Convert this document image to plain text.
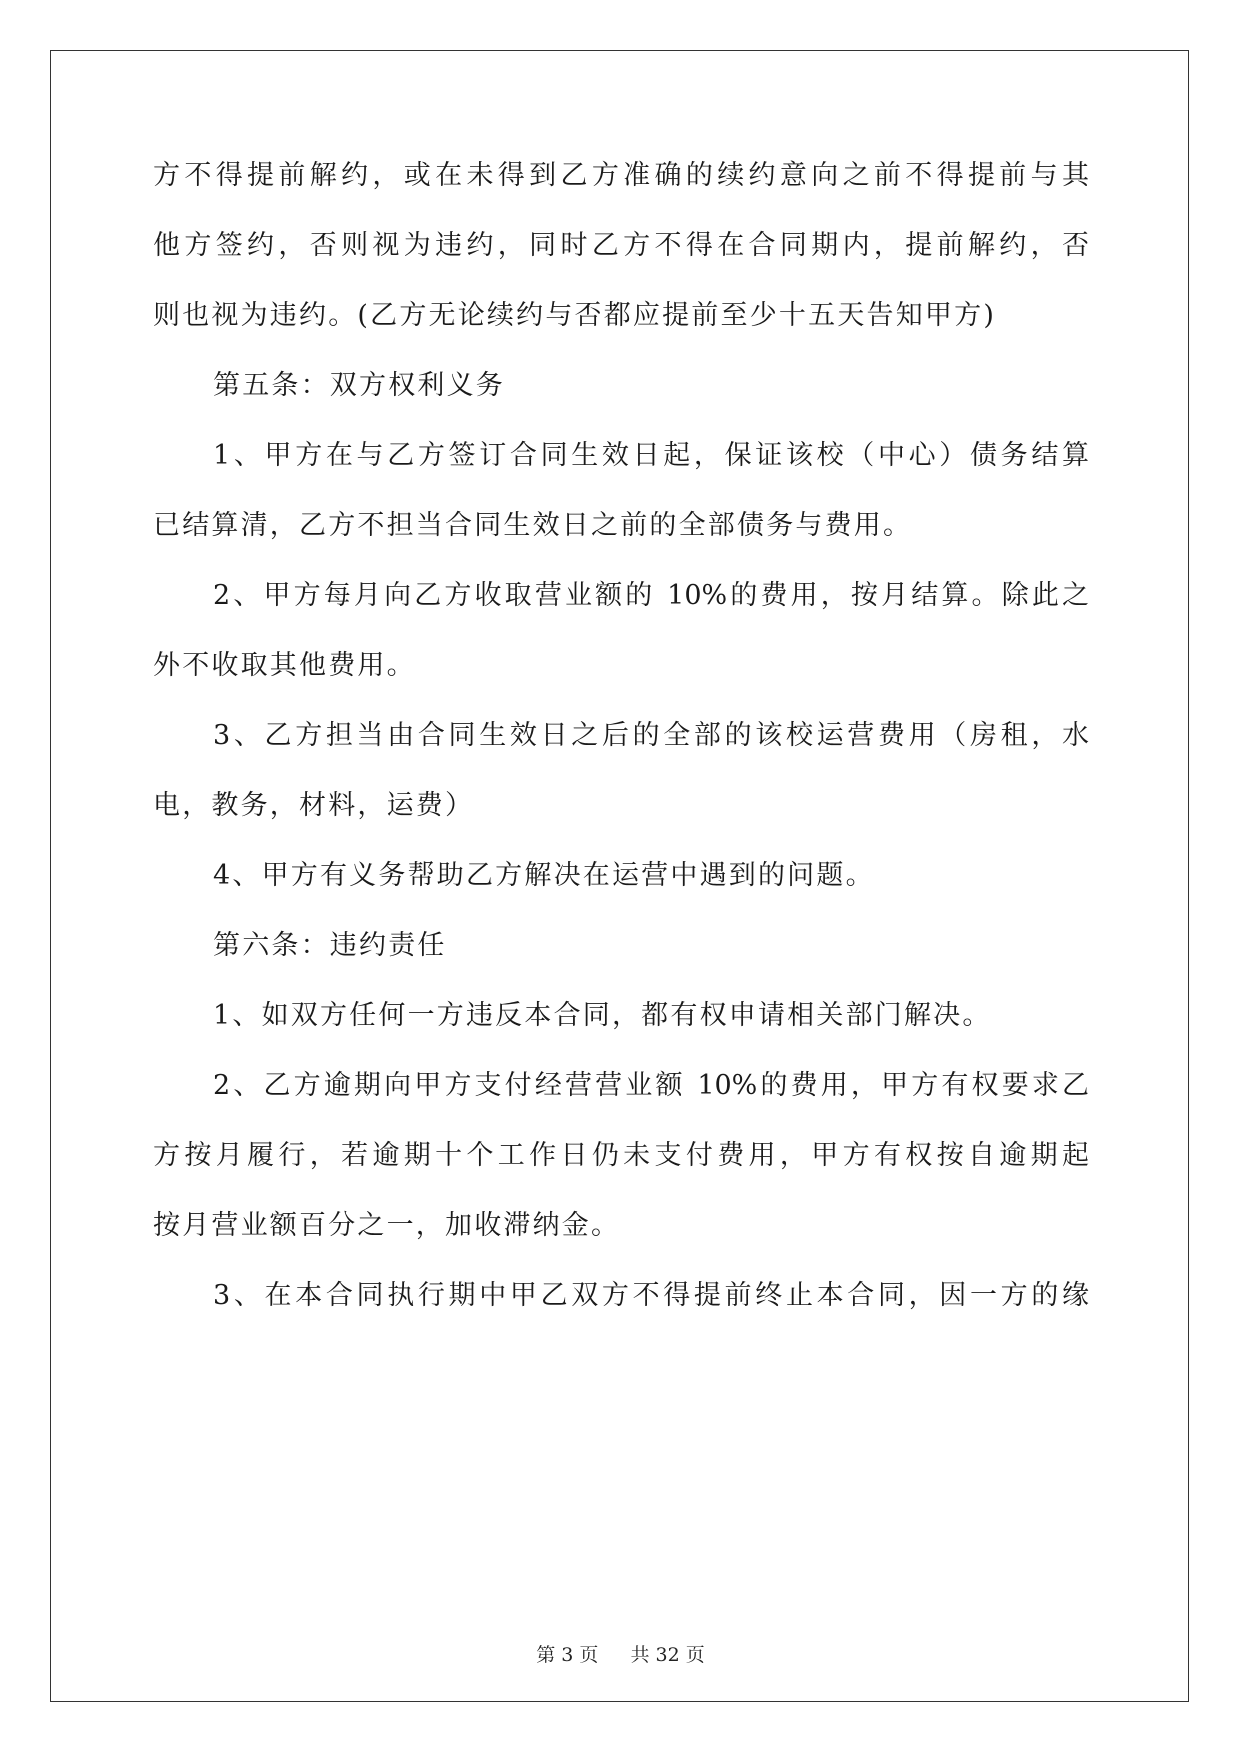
方不得提前解约，或在未得到乙方准确的续约意向之前不得提前与其
他方签约，否则视为违约，同时乙方不得在合同期内，提前解约，否
则也视为违约。(乙方无论续约与否都应提前至少十五天告知甲方)
第五条：双方权利义务
1、甲方在与乙方签订合同生效日起，保证该校（中心）债务结算
已结算清，乙方不担当合同生效日之前的全部债务与费用。
2、甲方每月向乙方收取营业额的 10%的费用，按月结算。除此之
外不收取其他费用。
3、乙方担当由合同生效日之后的全部的该校运营费用（房租，水
电，教务，材料，运费）
4、甲方有义务帮助乙方解决在运营中遇到的问题。
第六条：违约责任
1、如双方任何一方违反本合同，都有权申请相关部门解决。
2、乙方逾期向甲方支付经营营业额 10%的费用，甲方有权要求乙
方按月履行，若逾期十个工作日仍未支付费用，甲方有权按自逾期起
按月营业额百分之一，加收滞纳金。
3、在本合同执行期中甲乙双方不得提前终止本合同，因一方的缘
第 3 页 共 32 页
